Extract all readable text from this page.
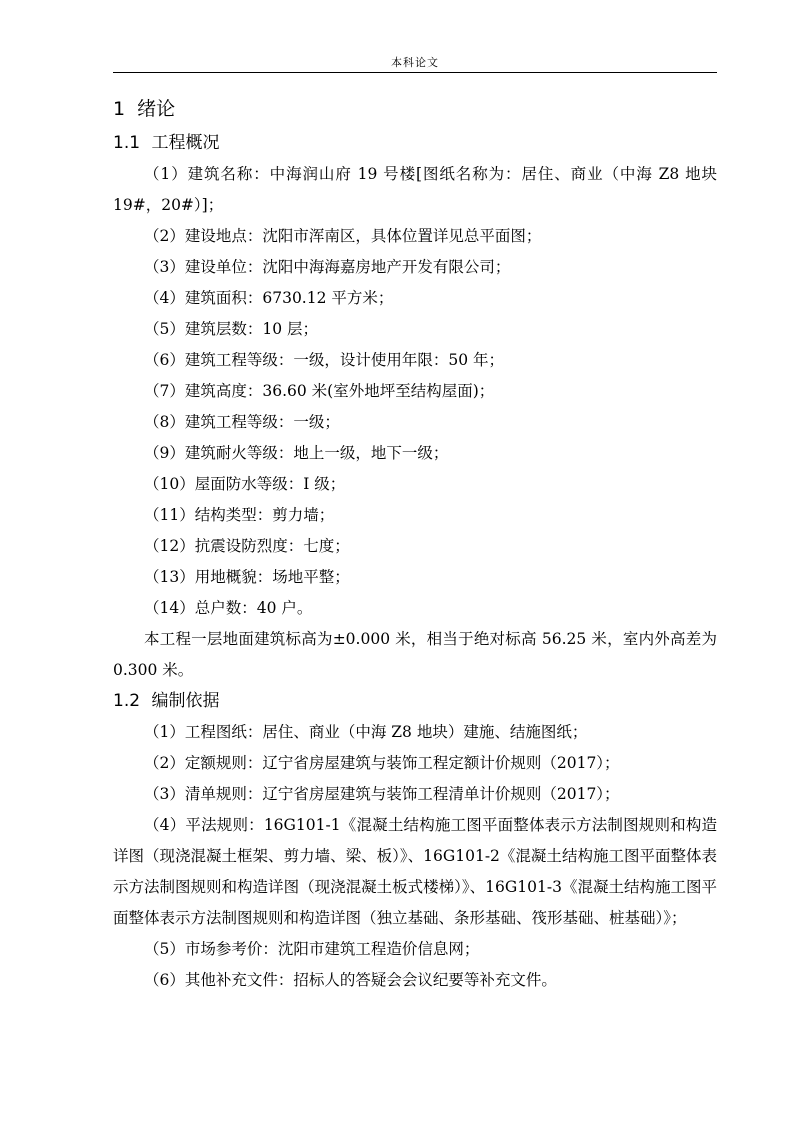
本科论文
1 绪论
1.1 工程概况

（1）建筑名称：中海润山府 19 号楼[图纸名称为：居住、商业（中海 Z8 地块 19#，20#）]；

（2）建设地点：沈阳市浑南区，具体位置详见总平面图；

（3）建设单位：沈阳中海海嘉房地产开发有限公司；

（4）建筑面积：6730.12 平方米；

（5）建筑层数：10 层；

（6）建筑工程等级：一级，设计使用年限：50 年；

（7）建筑高度：36.60 米(室外地坪至结构屋面)；

（8）建筑工程等级：一级；

（9）建筑耐火等级：地上一级，地下一级；

（10）屋面防水等级：I 级；

（11）结构类型：剪力墙；

（12）抗震设防烈度：七度；

（13）用地概貌：场地平整；

（14）总户数：40 户。

本工程一层地面建筑标高为±0.000 米，相当于绝对标高 56.25 米，室内外高差为 0.300 米。

1.2 编制依据

（1）工程图纸：居住、商业（中海 Z8 地块）建施、结施图纸；

（2）定额规则：辽宁省房屋建筑与装饰工程定额计价规则（2017）；

（3）清单规则：辽宁省房屋建筑与装饰工程清单计价规则（2017）；

（4）平法规则：16G101-1《混凝土结构施工图平面整体表示方法制图规则和构造详图（现浇混凝土框架、剪力墙、梁、板）》、16G101-2《混凝土结构施工图平面整体表示方法制图规则和构造详图（现浇混凝土板式楼梯）》、16G101-3《混凝土结构施工图平面整体表示方法制图规则和构造详图（独立基础、条形基础、筏形基础、桩基础）》；

（5）市场参考价：沈阳市建筑工程造价信息网；

（6）其他补充文件：招标人的答疑会会议纪要等补充文件。
